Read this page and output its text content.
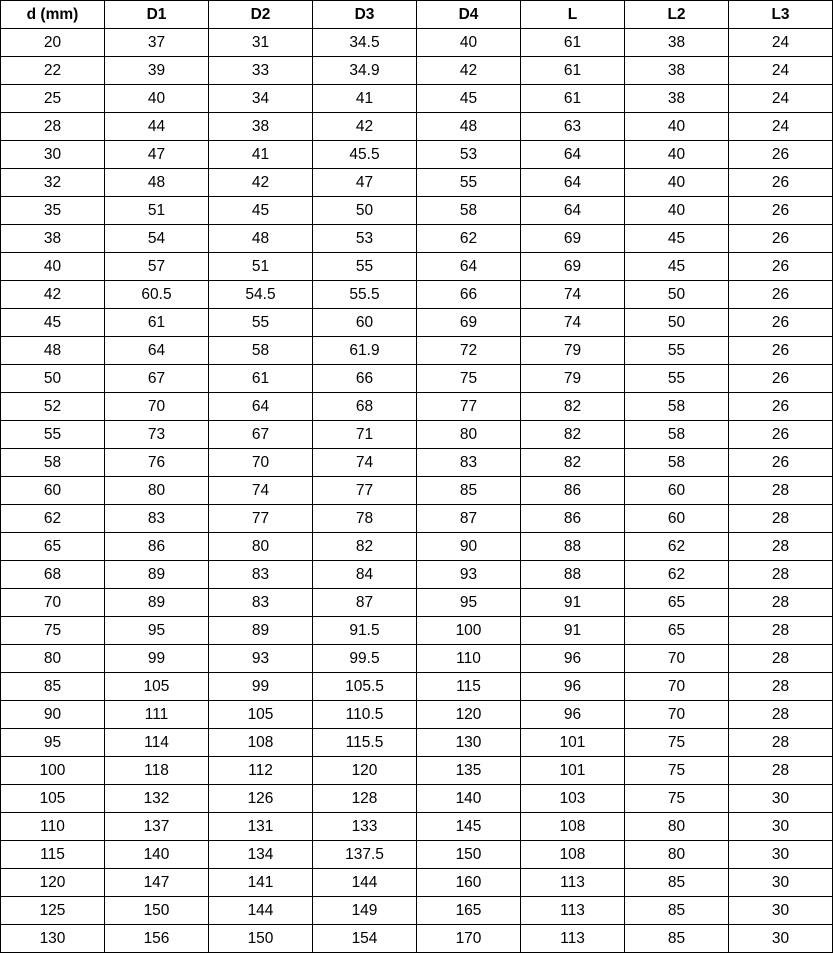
d (mm)	D1	D2	D3	D4	L	L2	L3
20	37	31	34.5	40	61	38	24
22	39	33	34.9	42	61	38	24
25	40	34	41	45	61	38	24
28	44	38	42	48	63	40	24
30	47	41	45.5	53	64	40	26
32	48	42	47	55	64	40	26
35	51	45	50	58	64	40	26
38	54	48	53	62	69	45	26
40	57	51	55	64	69	45	26
42	60.5	54.5	55.5	66	74	50	26
45	61	55	60	69	74	50	26
48	64	58	61.9	72	79	55	26
50	67	61	66	75	79	55	26
52	70	64	68	77	82	58	26
55	73	67	71	80	82	58	26
58	76	70	74	83	82	58	26
60	80	74	77	85	86	60	28
62	83	77	78	87	86	60	28
65	86	80	82	90	88	62	28
68	89	83	84	93	88	62	28
70	89	83	87	95	91	65	28
75	95	89	91.5	100	91	65	28
80	99	93	99.5	110	96	70	28
85	105	99	105.5	115	96	70	28
90	111	105	110.5	120	96	70	28
95	114	108	115.5	130	101	75	28
100	118	112	120	135	101	75	28
105	132	126	128	140	103	75	30
110	137	131	133	145	108	80	30
115	140	134	137.5	150	108	80	30
120	147	141	144	160	113	85	30
125	150	144	149	165	113	85	30
130	156	150	154	170	113	85	30
